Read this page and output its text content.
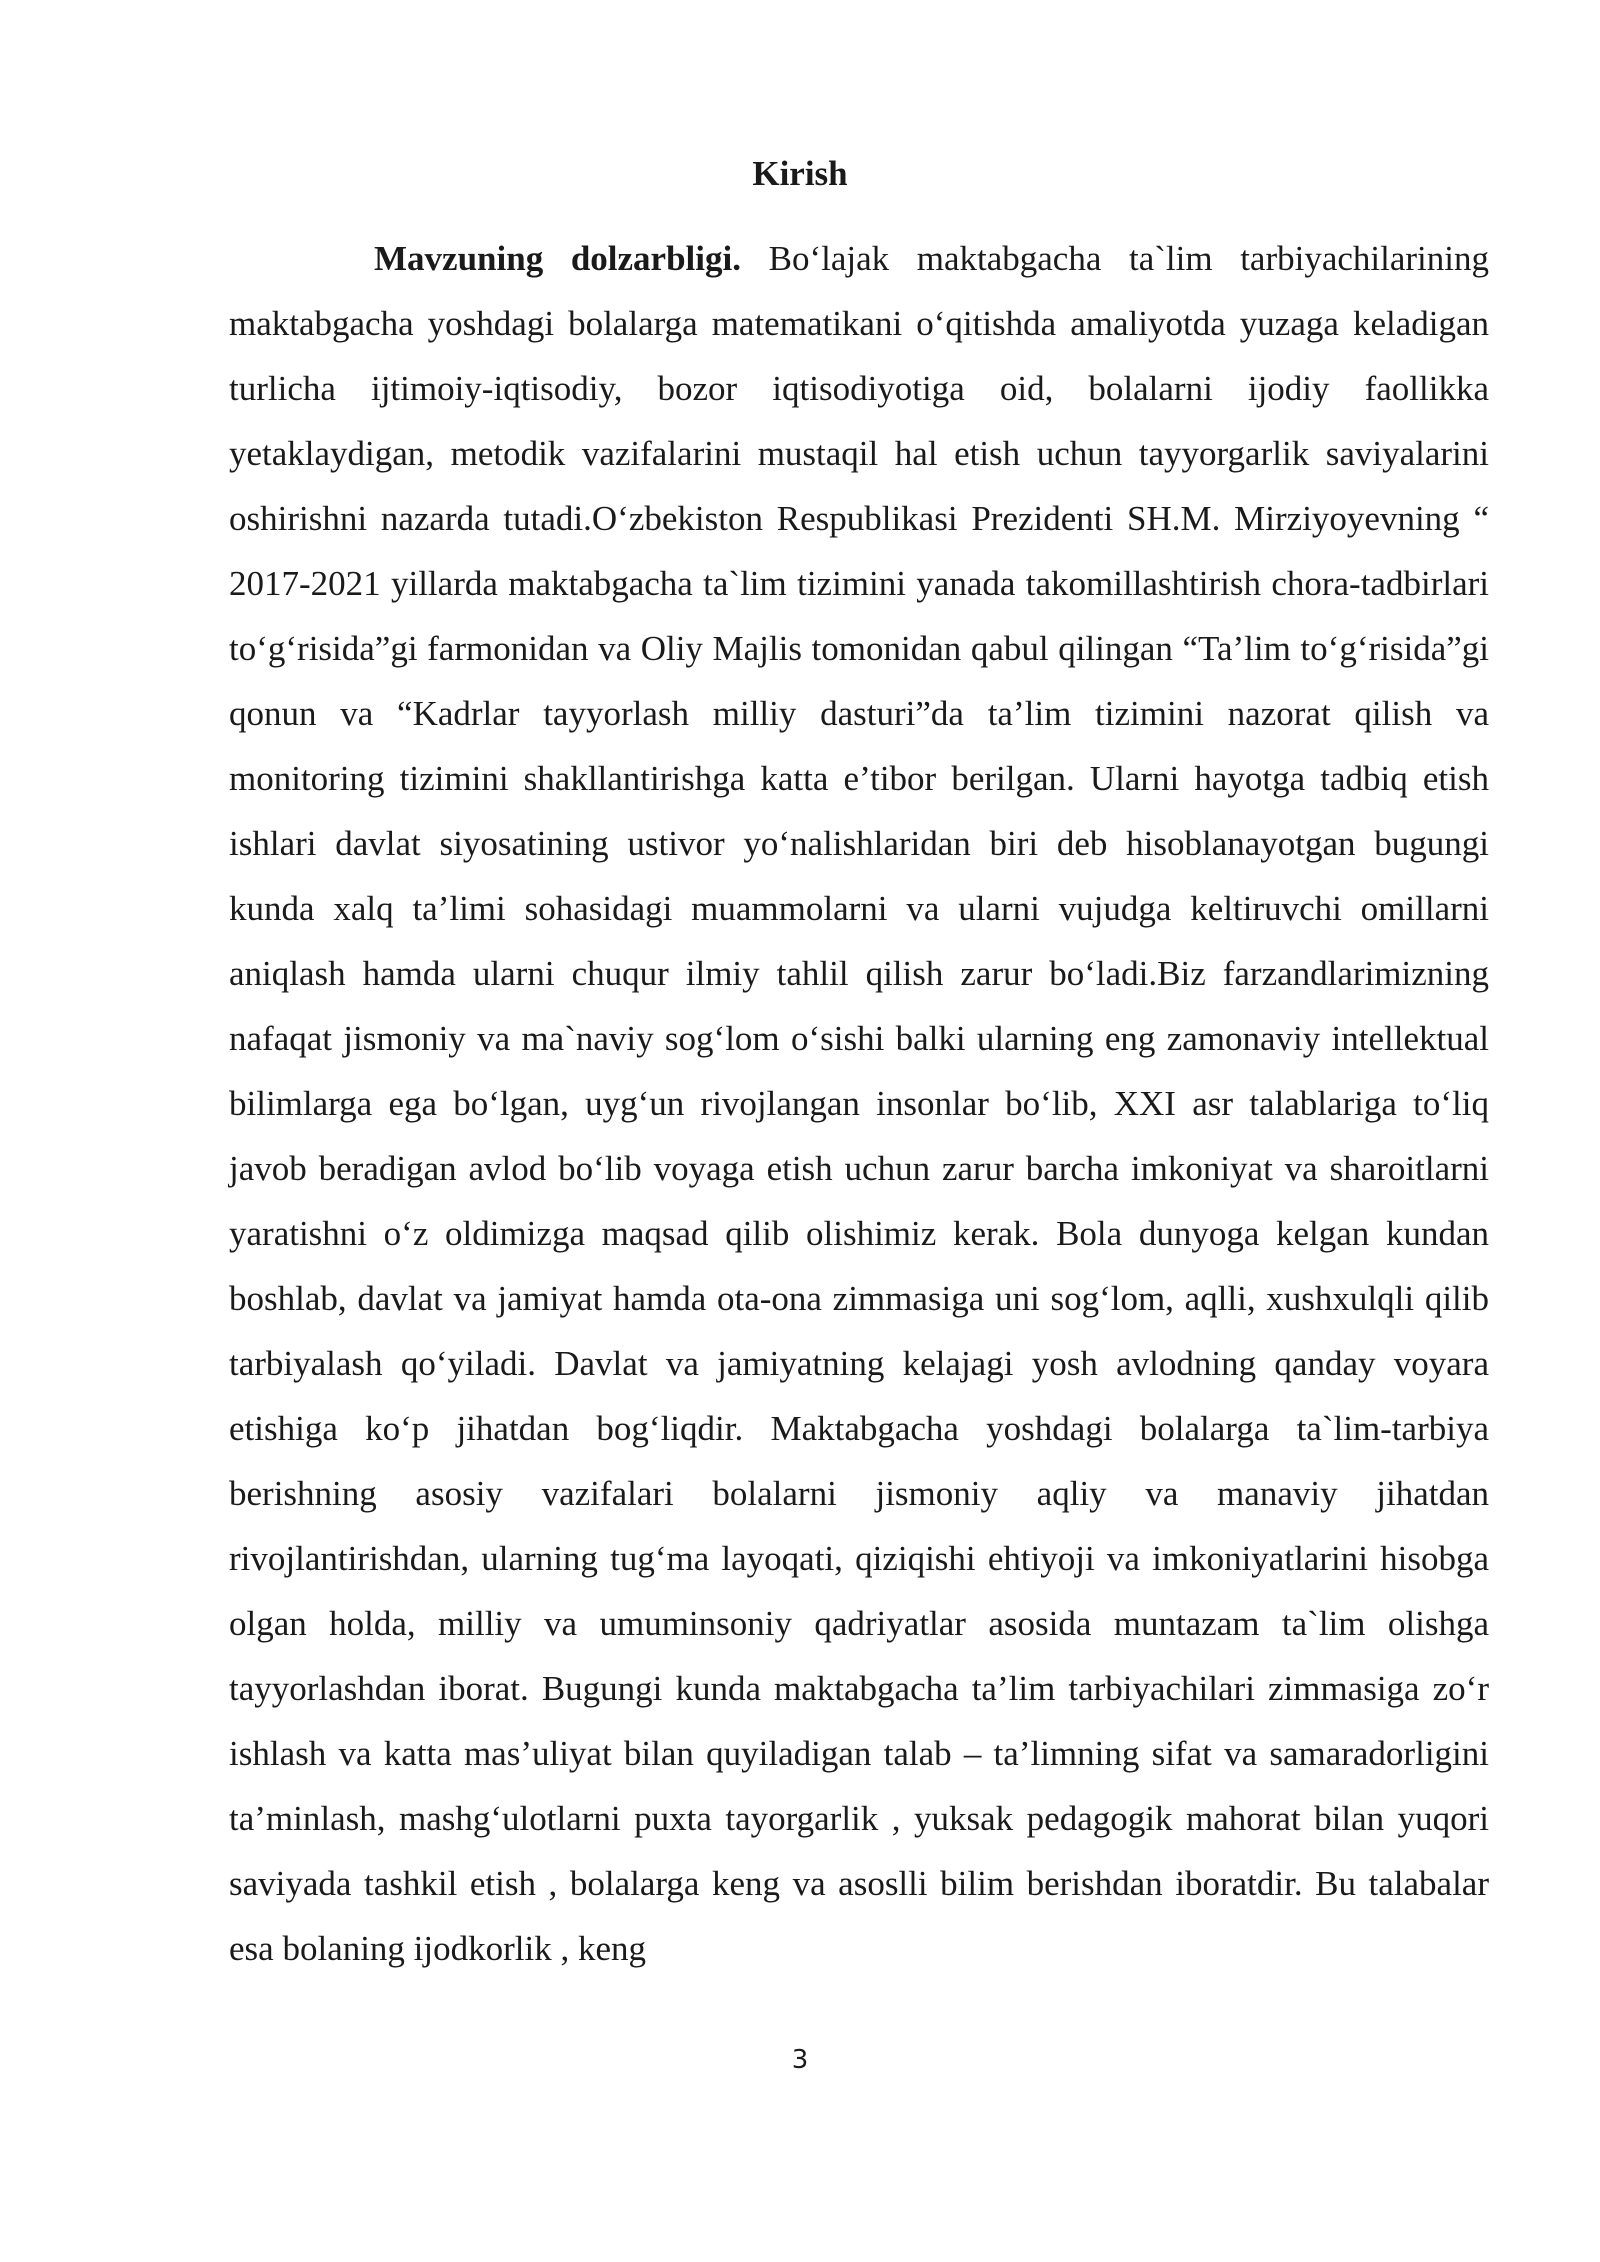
Kirish

Mavzuning dolzarbligi. Bo‘lajak maktabgacha ta`lim tarbiyachilarining maktabgacha yoshdagi bolalarga matematikani o‘qitishda amaliyotda yuzaga keladigan turlicha ijtimoiy-iqtisodiy, bozor iqtisodiyotiga oid, bolalarni ijodiy faollikka yetaklaydigan, metodik vazifalarini mustaqil hal etish uchun tayyorgarlik saviyalarini oshirishni nazarda tutadi.O‘zbekiston Respublikasi Prezidenti SH.M. Mirziyoyevning “ 2017-2021 yillarda maktabgacha ta`lim tizimini yanada takomillashtirish chora-tadbirlari to‘g‘risida”gi farmonidan va Oliy Majlis tomonidan qabul qilingan “Ta’lim to‘g‘risida”gi qonun va “Kadrlar tayyorlash milliy dasturi”da ta’lim tizimini nazorat qilish va monitoring tizimini shakllantirishga katta e’tibor berilgan. Ularni hayotga tadbiq etish ishlari davlat siyosatining ustivor yo‘nalishlaridan biri deb hisoblanayotgan bugungi kunda xalq ta’limi sohasidagi muammolarni va ularni vujudga keltiruvchi omillarni aniqlash hamda ularni chuqur ilmiy tahlil qilish zarur bo‘ladi.Biz farzandlarimizning nafaqat jismoniy va ma`naviy sog‘lom o‘sishi balki ularning eng zamonaviy intellektual bilimlarga ega bo‘lgan, uyg‘un rivojlangan insonlar bo‘lib, XXI asr talablariga to‘liq javob beradigan avlod bo‘lib voyaga etish uchun zarur barcha imkoniyat va sharoitlarni yaratishni o‘z oldimizga maqsad qilib olishimiz kerak. Bola dunyoga kelgan kundan boshlab, davlat va jamiyat hamda ota-ona zimmasiga uni sog‘lom, aqlli, xushxulqli qilib tarbiyalash qo‘yiladi. Davlat va jamiyatning kelajagi yosh avlodning qanday voyara etishiga ko‘p jihatdan bog‘liqdir. Maktabgacha yoshdagi bolalarga ta`lim-tarbiya berishning asosiy vazifalari bolalarni jismoniy aqliy va manaviy jihatdan rivojlantirishdan, ularning tug‘ma layoqati, qiziqishi ehtiyoji va imkoniyatlarini hisobga olgan holda, milliy va umuminsoniy qadriyatlar asosida muntazam ta`lim olishga tayyorlashdan iborat. Bugungi kunda maktabgacha ta’lim tarbiyachilari zimmasiga zo‘r ishlash va katta mas’uliyat bilan quyiladigan talab – ta’limning sifat va samaradorligini ta’minlash, mashg‘ulotlarni puxta tayorgarlik , yuksak pedagogik mahorat bilan yuqori saviyada tashkil etish , bolalarga keng va asoslli bilim berishdan iboratdir. Bu talabalar esa bolaning ijodkorlik , keng

3
